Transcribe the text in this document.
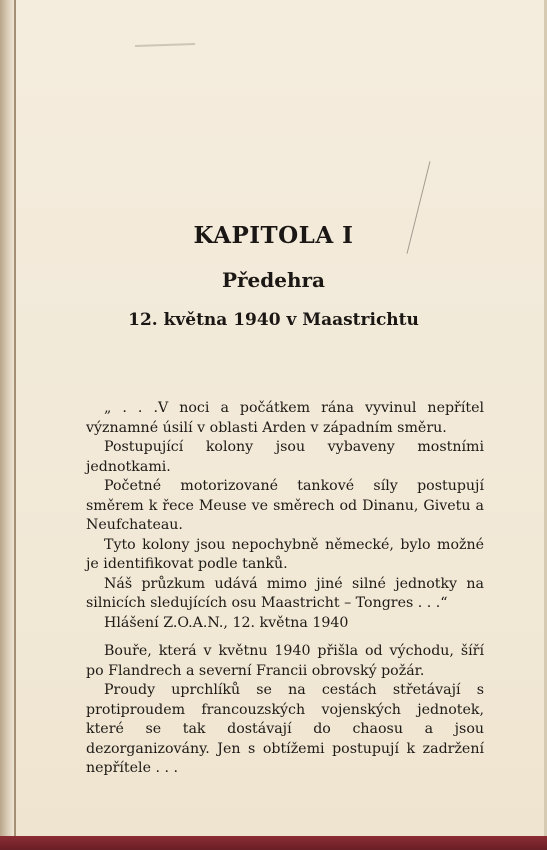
KAPITOLA I
Předehra
12. května 1940 v Maastrichtu

„ . . .V noci a počátkem rána vyvinul nepřítel významné úsilí v oblasti Arden v západním směru.

Postupující kolony jsou vybaveny mostními jednotkami.

Početné motorizované tankové síly postupují směrem k řece Meuse ve směrech od Dinanu, Givetu a Neufchateau.

Tyto kolony jsou nepochybně německé, bylo možné je identifikovat podle tanků.

Náš průzkum udává mimo jiné silné jednotky na silnicích sledujících osu Maastricht – Tongres . . .“

Hlášení Z.O.A.N., 12. května 1940

Bouře, která v květnu 1940 přišla od východu, šíří po Flandrech a severní Francii obrovský požár.

Proudy uprchlíků se na cestách střetávají s protiproudem francouzských vojenských jednotek, které se tak dostávají do chaosu a jsou dezorganizovány. Jen s obtížemi postupují k zadržení nepřítele . . .
